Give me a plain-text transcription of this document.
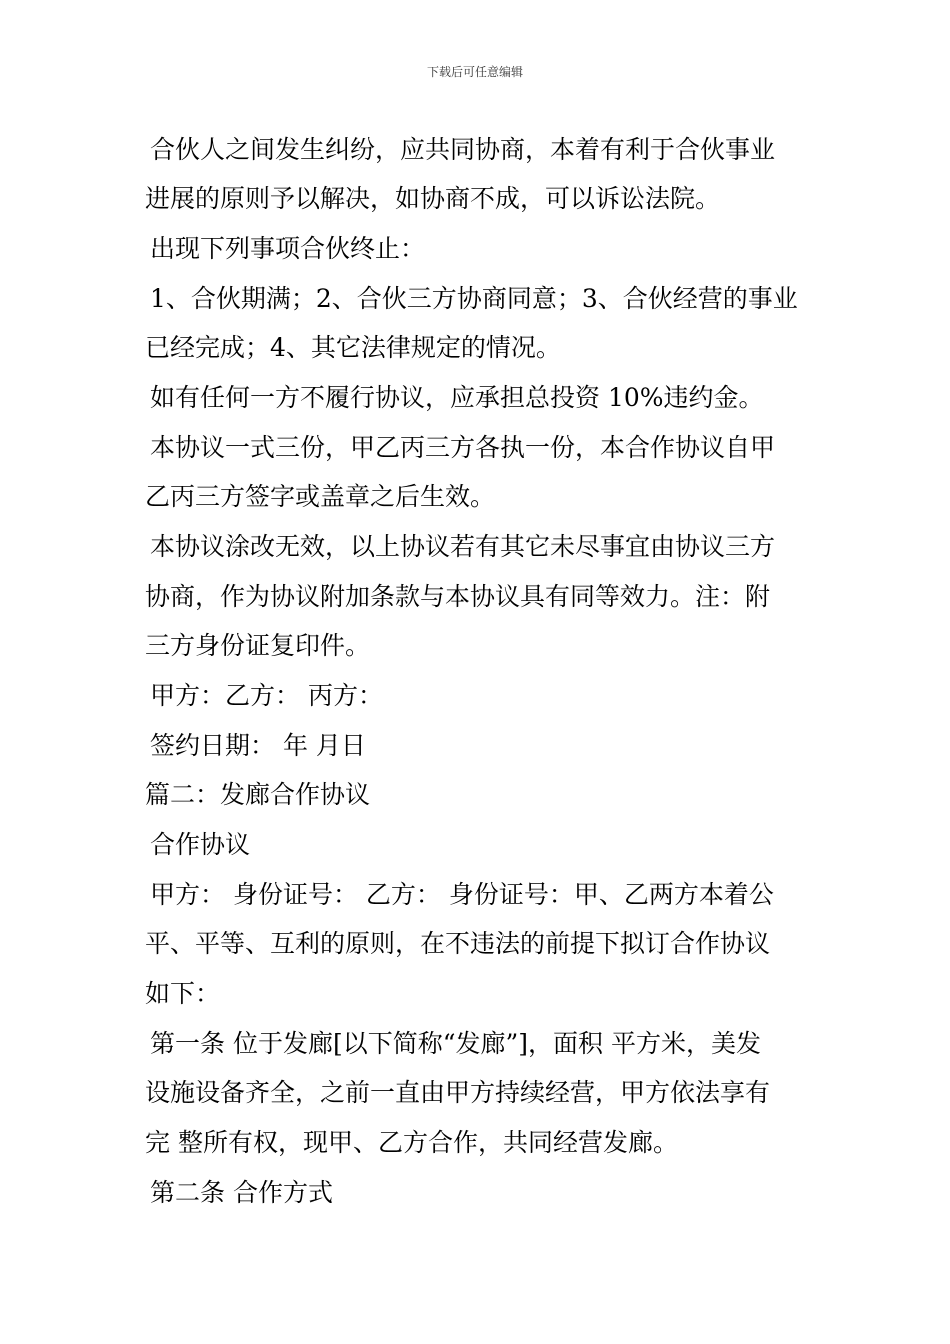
下载后可任意编辑
合伙人之间发生纠纷，应共同协商，本着有利于合伙事业
进展的原则予以解决，如协商不成，可以诉讼法院。
出现下列事项合伙终止：
1、合伙期满；2、合伙三方协商同意；3、合伙经营的事业
已经完成；4、其它法律规定的情况。
如有任何一方不履行协议，应承担总投资 10%违约金。
本协议一式三份，甲乙丙三方各执一份，本合作协议自甲
乙丙三方签字或盖章之后生效。
本协议涂改无效，以上协议若有其它未尽事宜由协议三方
协商，作为协议附加条款与本协议具有同等效力。注：附
三方身份证复印件。
甲方：乙方： 丙方：
签约日期： 年 月日
篇二：发廊合作协议
合作协议
甲方： 身份证号： 乙方： 身份证号：甲、乙两方本着公
平、平等、互利的原则，在不违法的前提下拟订合作协议
如下：
第一条 位于发廊[以下简称“发廊”]，面积 平方米，美发
设施设备齐全，之前一直由甲方持续经营，甲方依法享有
完 整所有权，现甲、乙方合作，共同经营发廊。
第二条 合作方式
